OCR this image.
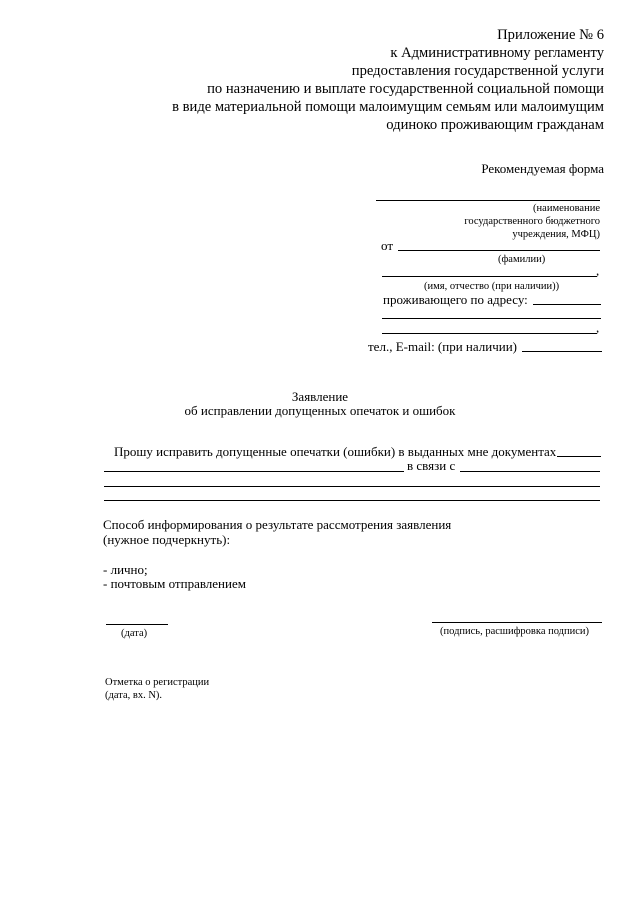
Приложение № 6
к Административному регламенту
предоставления государственной услуги
по назначению и выплате государственной социальной помощи
в виде материальной помощи малоимущим семьям или малоимущим
одиноко проживающим гражданам
Рекомендуемая форма
(наименование
государственного бюджетного
учреждения, МФЦ)
от
(фамилии)
,
(имя, отчество (при наличии))
проживающего по адресу:
,
тел., E-mail: (при наличии)
Заявление
об исправлении допущенных опечаток и ошибок
Прошу исправить допущенные опечатки (ошибки) в выданных мне документах
в связи с
Способ информирования о результате рассмотрения заявления
(нужное подчеркнуть):
- лично;
- почтовым отправлением
(дата)	(подпись, расшифровка подписи)
Отметка о регистрации
(дата, вх. N).
